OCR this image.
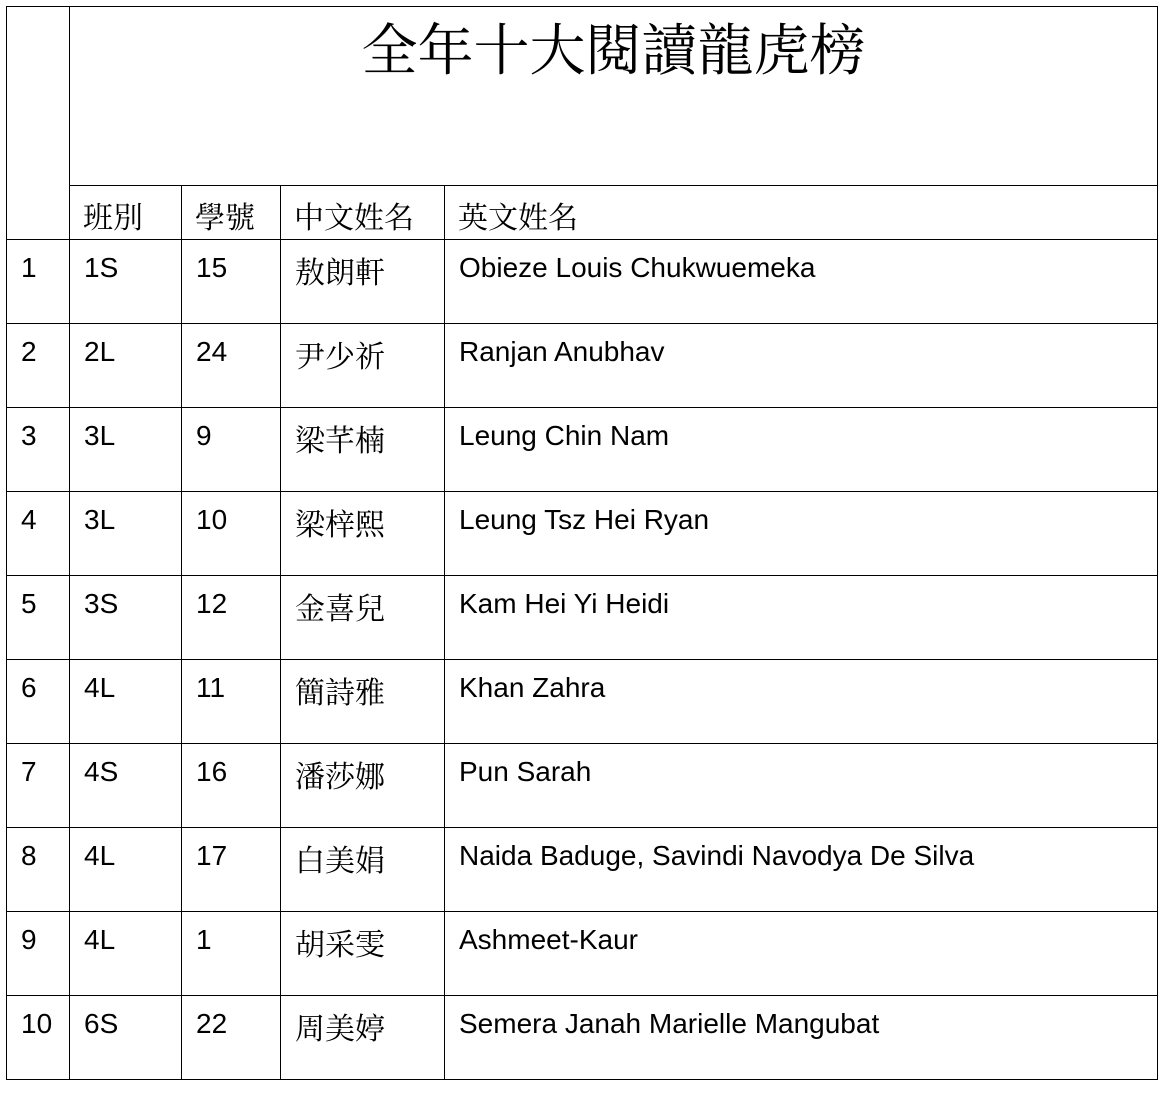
	全年十大閱讀龍虎榜			
	班別	學號	中文姓名	英文姓名
1	1S	15	敖朗軒	Obieze Louis Chukwuemeka
2	2L	24	尹少祈	Ranjan Anubhav
3	3L	9	梁芊楠	Leung Chin Nam
4	3L	10	梁梓熙	Leung Tsz Hei Ryan
5	3S	12	金喜兒	Kam Hei Yi Heidi
6	4L	11	簡詩雅	Khan Zahra
7	4S	16	潘莎娜	Pun Sarah
8	4L	17	白美娟	Naida Baduge, Savindi Navodya De Silva
9	4L	1	胡采雯	Ashmeet-Kaur
10	6S	22	周美婷	Semera Janah Marielle Mangubat
